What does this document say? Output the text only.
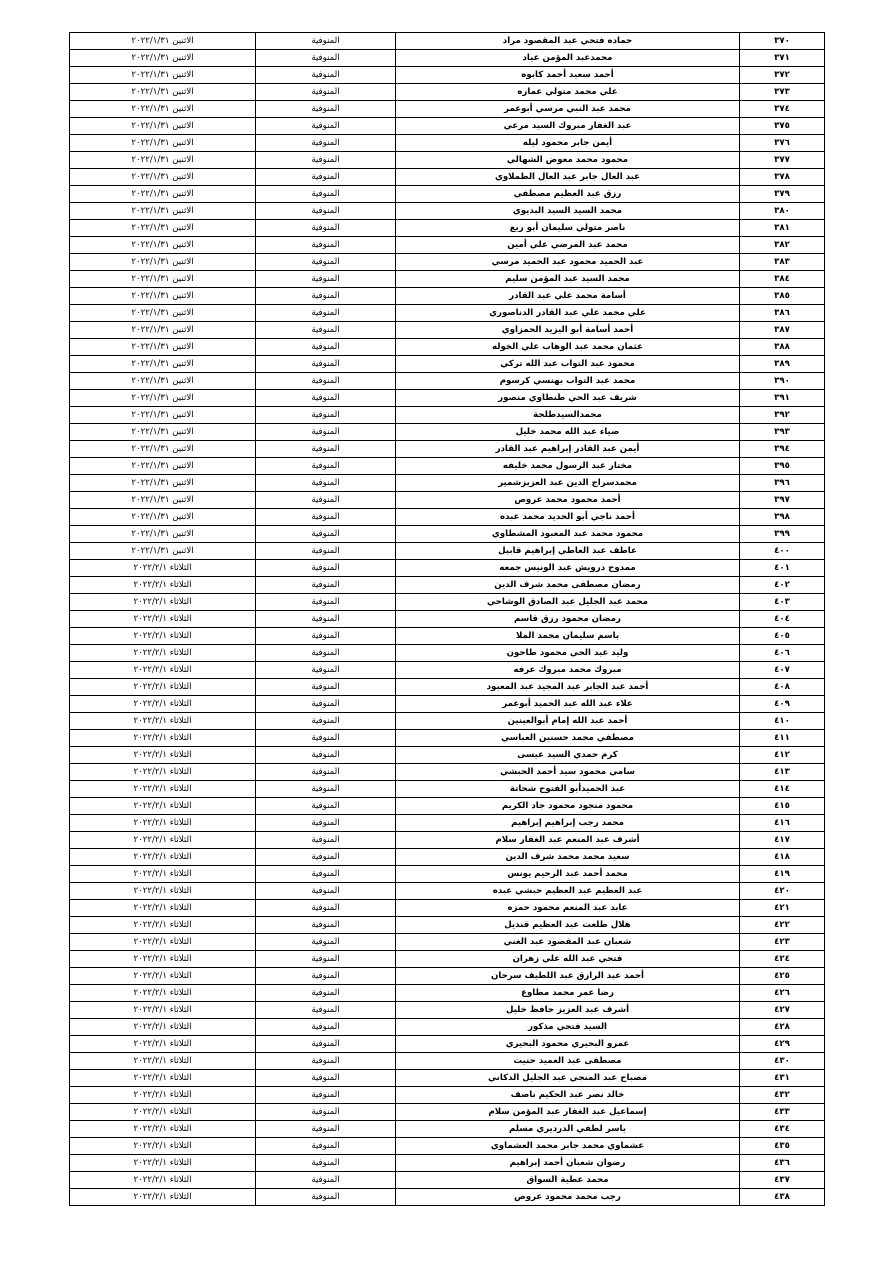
٣٧٠	حماده فتحي عبد المقصود مراد	المنوفية	الاثنين ٢٠٢٢/١/٣١
٣٧١	محمدعبد المؤمن عياد	المنوفية	الاثنين ٢٠٢٢/١/٣١
٣٧٢	أحمد سعيد أحمد كابوه	المنوفية	الاثنين ٢٠٢٢/١/٣١
٣٧٣	علي محمد متولي عماره	المنوفية	الاثنين ٢٠٢٢/١/٣١
٣٧٤	محمد عبد النبي مرسي أبوعمر	المنوفية	الاثنين ٢٠٢٢/١/٣١
٣٧٥	عبد الغفار مبروك السيد مرعي	المنوفية	الاثنين ٢٠٢٢/١/٣١
٣٧٦	أيمن جابر محمود ليله	المنوفية	الاثنين ٢٠٢٢/١/٣١
٣٧٧	محمود محمد معوض الشهالي	المنوفية	الاثنين ٢٠٢٢/١/٣١
٣٧٨	عبد العال جابر عبد العال الطملاوي	المنوفية	الاثنين ٢٠٢٢/١/٣١
٣٧٩	رزق عبد العظيم مصطفي	المنوفية	الاثنين ٢٠٢٢/١/٣١
٣٨٠	محمد السيد السيد البديوي	المنوفية	الاثنين ٢٠٢٢/١/٣١
٣٨١	ناصر متولي سليمان أبو ريع	المنوفية	الاثنين ٢٠٢٢/١/٣١
٣٨٢	محمد عبد المرضي علي أمين	المنوفية	الاثنين ٢٠٢٢/١/٣١
٣٨٣	عبد الحميد محمود عبد الحميد مرسي	المنوفية	الاثنين ٢٠٢٢/١/٣١
٣٨٤	محمد السيد عبد المؤمن سليم	المنوفية	الاثنين ٢٠٢٢/١/٣١
٣٨٥	أسامة محمد علي عبد القادر	المنوفية	الاثنين ٢٠٢٢/١/٣١
٣٨٦	علي محمد علي عبد القادر الدناصوري	المنوفية	الاثنين ٢٠٢٢/١/٣١
٣٨٧	أحمد أسامة أبو اليزيد الحمزاوي	المنوفية	الاثنين ٢٠٢٢/١/٣١
٣٨٨	عثمان محمد عبد الوهاب علي الخوله	المنوفية	الاثنين ٢٠٢٢/١/٣١
٣٨٩	محمود عبد التواب عبد الله تركي	المنوفية	الاثنين ٢٠٢٢/١/٣١
٣٩٠	محمد عبد التواب بهنسي كرسوم	المنوفية	الاثنين ٢٠٢٢/١/٣١
٣٩١	شريف عبد الحي طنطاوي منصور	المنوفية	الاثنين ٢٠٢٢/١/٣١
٣٩٢	محمدالسيدطلحة	المنوفية	الاثنين ٢٠٢٢/١/٣١
٣٩٣	ضياء عبد الله محمد خليل	المنوفية	الاثنين ٢٠٢٢/١/٣١
٣٩٤	أيمن عبد القادر إبراهيم عبد القادر	المنوفية	الاثنين ٢٠٢٢/١/٣١
٣٩٥	مختار عبد الرسول محمد خليفه	المنوفية	الاثنين ٢٠٢٢/١/٣١
٣٩٦	محمدسراج الدين عبد العزيزشمير	المنوفية	الاثنين ٢٠٢٢/١/٣١
٣٩٧	أحمد محمود محمد عروص	المنوفية	الاثنين ٢٠٢٢/١/٣١
٣٩٨	أحمد ناجي أبو الحديد محمد عبده	المنوفية	الاثنين ٢٠٢٢/١/٣١
٣٩٩	محمود محمد عبد المعبود المشطاوي	المنوفية	الاثنين ٢٠٢٢/١/٣١
٤٠٠	عاطف عبد العاطي إبراهيم قابيل	المنوفية	الاثنين ٢٠٢٢/١/٣١
٤٠١	ممدوح درويش عبد الونيس جمعه	المنوفية	الثلاثاء ٢٠٢٢/٢/١
٤٠٢	رمضان مصطفى محمد شرف الدين	المنوفية	الثلاثاء ٢٠٢٢/٢/١
٤٠٣	محمد عبد الجليل عبد الصادق الوشاحي	المنوفية	الثلاثاء ٢٠٢٢/٢/١
٤٠٤	رمضان محمود رزق قاسم	المنوفية	الثلاثاء ٢٠٢٢/٢/١
٤٠٥	باسم سليمان محمد الملا	المنوفية	الثلاثاء ٢٠٢٢/٢/١
٤٠٦	وليد عبد الحي محمود طاحون	المنوفية	الثلاثاء ٢٠٢٢/٢/١
٤٠٧	مبروك محمد مبروك عرفه	المنوفية	الثلاثاء ٢٠٢٢/٢/١
٤٠٨	أحمد عبد الجابر عبد المجيد عبد المعبود	المنوفية	الثلاثاء ٢٠٢٢/٢/١
٤٠٩	علاء عبد الله عبد الحميد أبوعمر	المنوفية	الثلاثاء ٢٠٢٢/٢/١
٤١٠	أحمد عبد الله إمام أبوالعينين	المنوفية	الثلاثاء ٢٠٢٢/٢/١
٤١١	مصطفي محمد حسنين العباسي	المنوفية	الثلاثاء ٢٠٢٢/٢/١
٤١٢	كرم حمدي السيد عيسى	المنوفية	الثلاثاء ٢٠٢٢/٢/١
٤١٣	سامي محمود سيد أحمد الحبشي	المنوفية	الثلاثاء ٢٠٢٢/٢/١
٤١٤	عبد الحميدأبو الفتوح شحاتة	المنوفية	الثلاثاء ٢٠٢٢/٢/١
٤١٥	محمود منجود محمود جاد الكريم	المنوفية	الثلاثاء ٢٠٢٢/٢/١
٤١٦	محمد رجب إبراهيم إبراهيم	المنوفية	الثلاثاء ٢٠٢٢/٢/١
٤١٧	أشرف عبد المنعم عبد الغفار سلام	المنوفية	الثلاثاء ٢٠٢٢/٢/١
٤١٨	سعيد محمد محمد شرف الدين	المنوفية	الثلاثاء ٢٠٢٢/٢/١
٤١٩	محمد أحمد عبد الرحيم يونس	المنوفية	الثلاثاء ٢٠٢٢/٢/١
٤٢٠	عبد العظيم عبد العظيم حبشي عبده	المنوفية	الثلاثاء ٢٠٢٢/٢/١
٤٢١	عابد عبد المنعم محمود حمزه	المنوفية	الثلاثاء ٢٠٢٢/٢/١
٤٢٢	هلال طلعت عبد العظيم قنديل	المنوفية	الثلاثاء ٢٠٢٢/٢/١
٤٢٣	شعبان عبد المقصود عبد الغني	المنوفية	الثلاثاء ٢٠٢٢/٢/١
٤٢٤	فتحي عبد الله علي زهران	المنوفية	الثلاثاء ٢٠٢٢/٢/١
٤٢٥	أحمد عبد الرازق عبد اللطيف سرحان	المنوفية	الثلاثاء ٢٠٢٢/٢/١
٤٢٦	رضا عمر محمد مطاوع	المنوفية	الثلاثاء ٢٠٢٢/٢/١
٤٢٧	أشرف عبد العزيز حافظ خليل	المنوفية	الثلاثاء ٢٠٢٢/٢/١
٤٢٨	السيد فتحي مذكور	المنوفية	الثلاثاء ٢٠٢٢/٢/١
٤٢٩	عمرو البحيري محمود البحيري	المنوفية	الثلاثاء ٢٠٢٢/٢/١
٤٣٠	مصطفى عبد العميد حنيت	المنوفية	الثلاثاء ٢٠٢٢/٢/١
٤٣١	مصباح عبد المنجي عبد الجليل الدكاني	المنوفية	الثلاثاء ٢٠٢٢/٢/١
٤٣٢	خالد نصر عبد الحكيم ناصف	المنوفية	الثلاثاء ٢٠٢٢/٢/١
٤٣٣	إسماعيل عبد الغفار عبد المؤمن سلام	المنوفية	الثلاثاء ٢٠٢٢/٢/١
٤٣٤	ياسر لطفي الدرديري مسلم	المنوفية	الثلاثاء ٢٠٢٢/٢/١
٤٣٥	عشماوي محمد جابر محمد العشماوي	المنوفية	الثلاثاء ٢٠٢٢/٢/١
٤٣٦	رضوان شعبان أحمد إبراهيم	المنوفية	الثلاثاء ٢٠٢٢/٢/١
٤٣٧	محمد عطية السواق	المنوفية	الثلاثاء ٢٠٢٢/٢/١
٤٣٨	رجب محمد محمود عروص	المنوفية	الثلاثاء ٢٠٢٢/٢/١
